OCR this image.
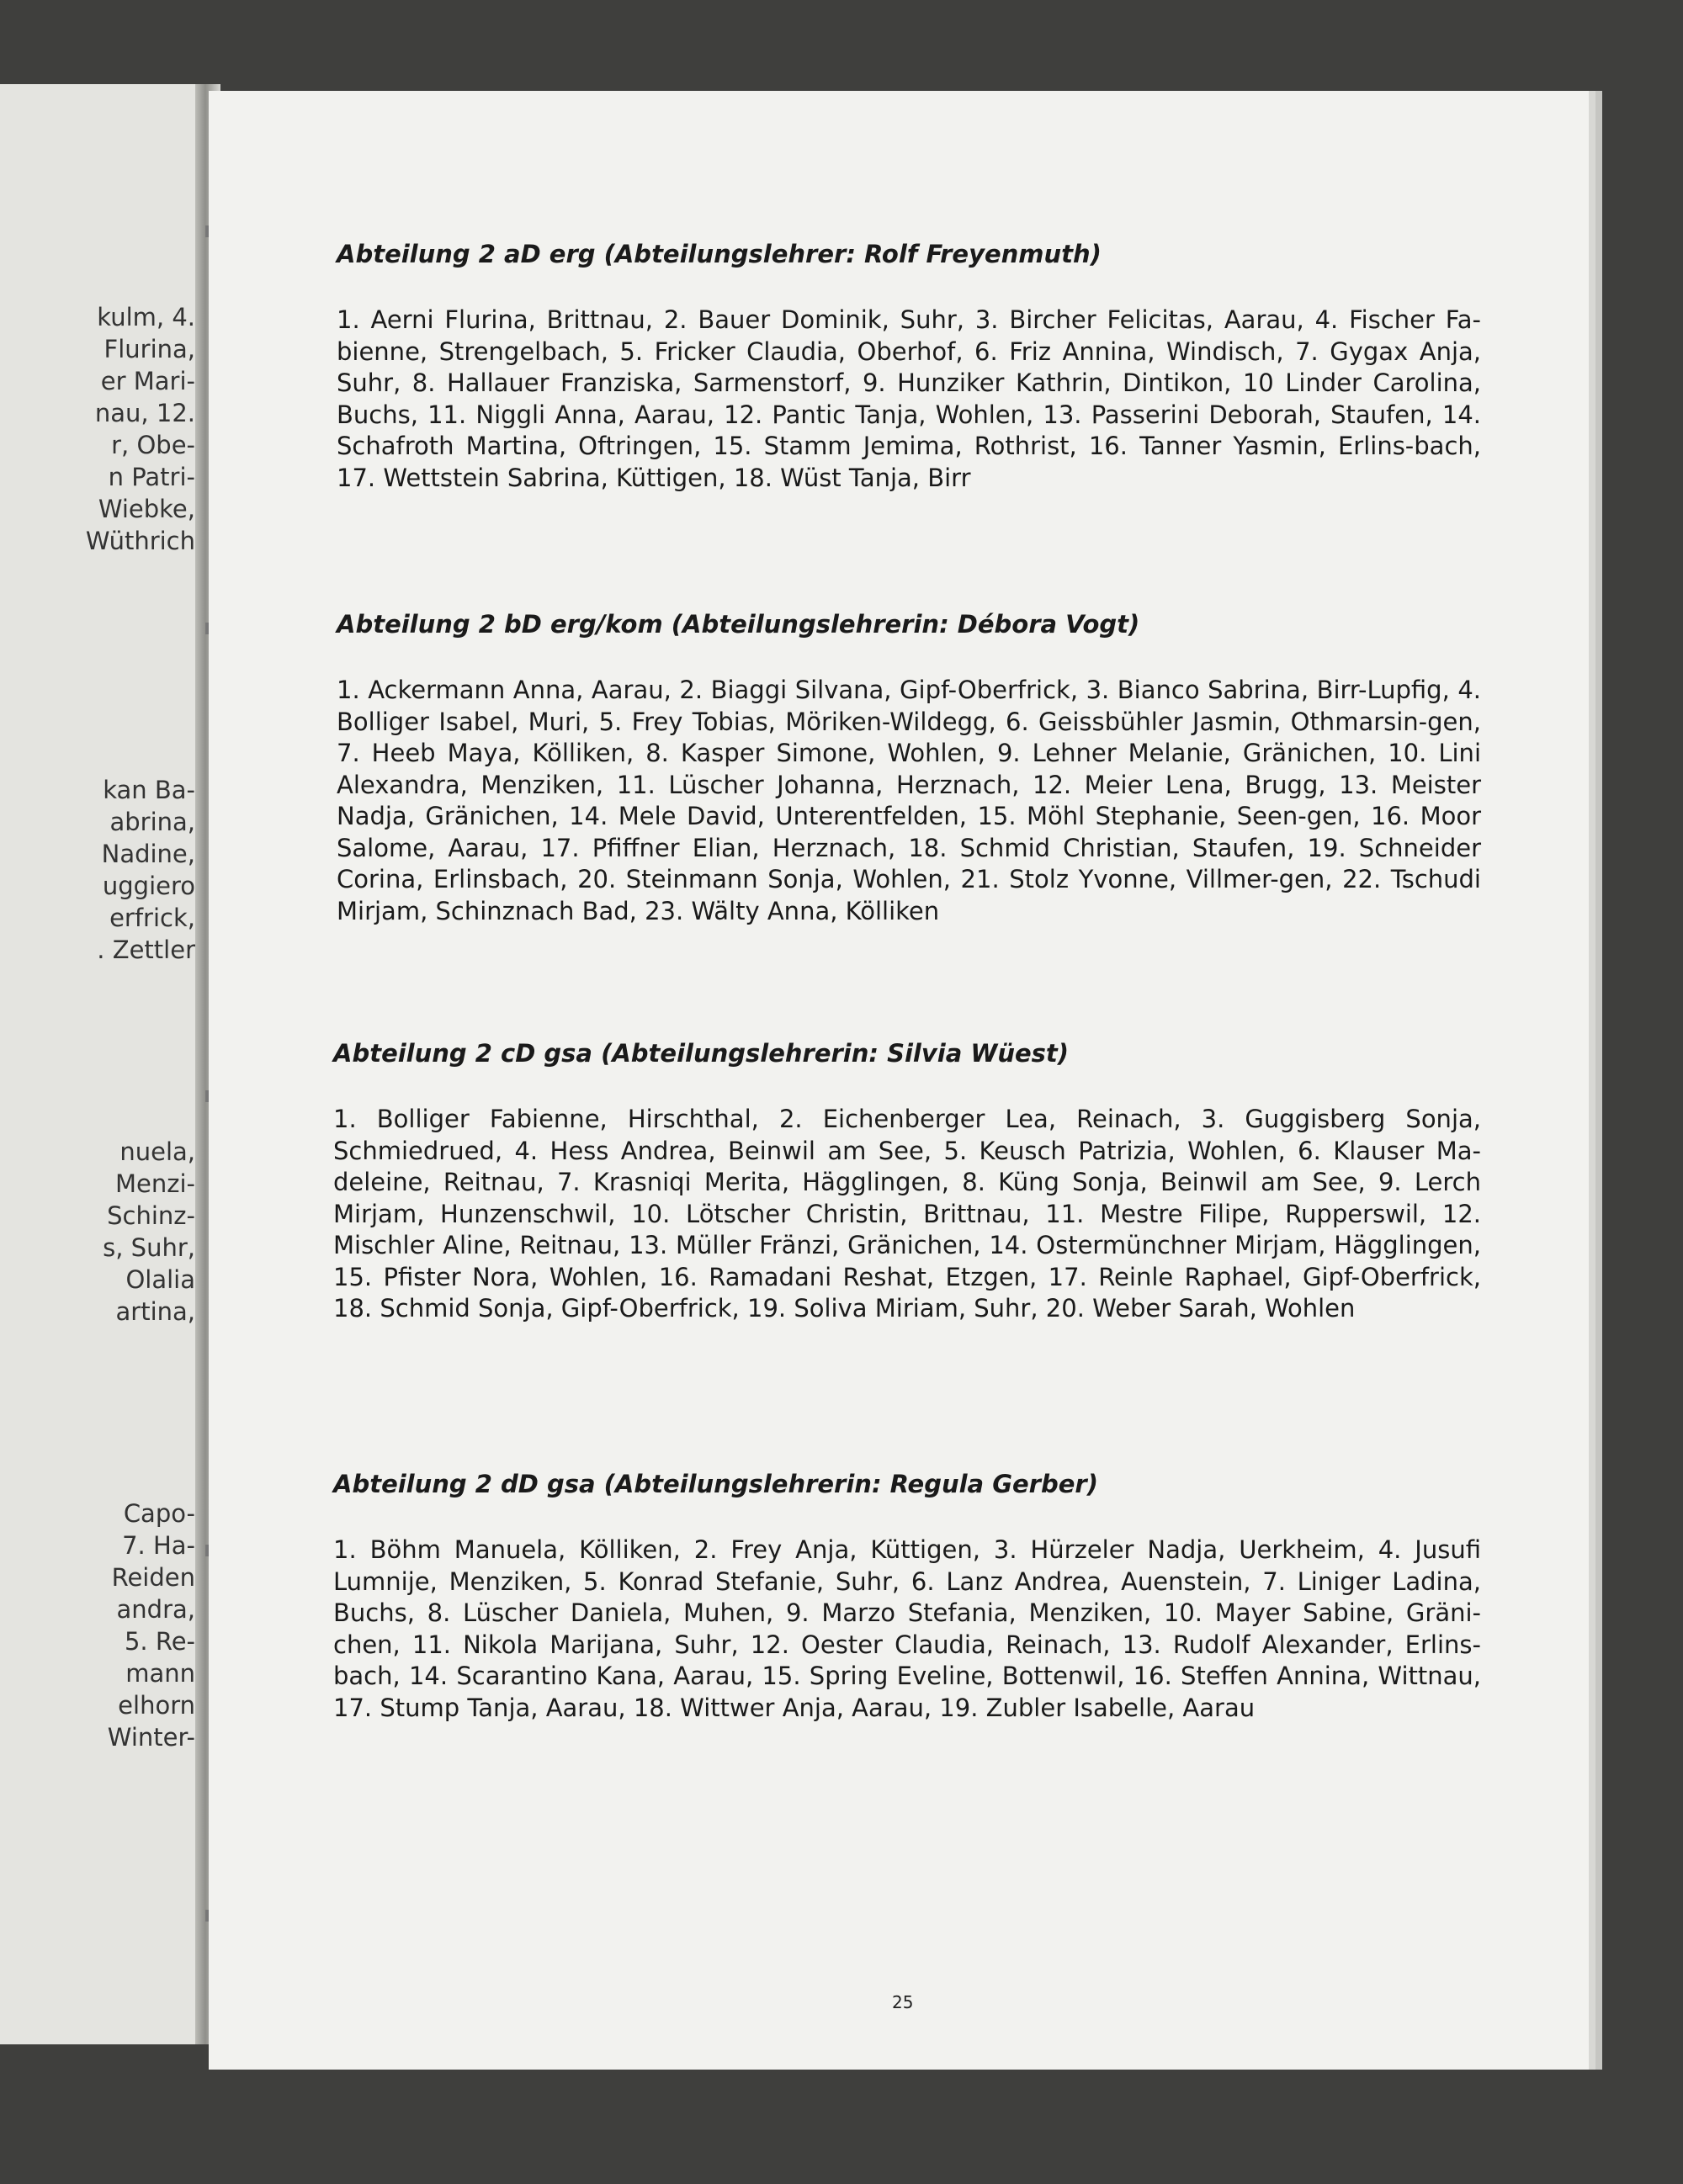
kulm, 4.
Flurina,
er Mari-
nau, 12.
r, Obe-
n Patri-
Wiebke,
Wüthrich
kan Ba-
abrina,
Nadine,
uggiero
erfrick,
. Zettler
nuela,
Menzi-
Schinz-
s, Suhr,
Olalia
artina,
Capo-
7. Ha-
Reiden
andra,
5. Re-
mann
elhorn
Winter-
Abteilung 2 aD erg (Abteilungslehrer: Rolf Freyenmuth)

1. Aerni Flurina, Brittnau, 2. Bauer Dominik, Suhr, 3. Bircher Felicitas, Aarau, 4. Fischer Fa-bienne, Strengelbach, 5. Fricker Claudia, Oberhof, 6. Friz Annina, Windisch, 7. Gygax Anja, Suhr, 8. Hallauer Franziska, Sarmenstorf, 9. Hunziker Kathrin, Dintikon, 10 Linder Carolina, Buchs, 11. Niggli Anna, Aarau, 12. Pantic Tanja, Wohlen, 13. Passerini Deborah, Staufen, 14. Schafroth Martina, Oftringen, 15. Stamm Jemima, Rothrist, 16. Tanner Yasmin, Erlins-bach, 17. Wettstein Sabrina, Küttigen, 18. Wüst Tanja, Birr

Abteilung 2 bD erg/kom (Abteilungslehrerin: Débora Vogt)

1. Ackermann Anna, Aarau, 2. Biaggi Silvana, Gipf-Oberfrick, 3. Bianco Sabrina, Birr-Lupfig, 4. Bolliger Isabel, Muri, 5. Frey Tobias, Möriken-Wildegg, 6. Geissbühler Jasmin, Othmarsin-gen, 7. Heeb Maya, Kölliken, 8. Kasper Simone, Wohlen, 9. Lehner Melanie, Gränichen, 10. Lini Alexandra, Menziken, 11. Lüscher Johanna, Herznach, 12. Meier Lena, Brugg, 13. Meister Nadja, Gränichen, 14. Mele David, Unterentfelden, 15. Möhl Stephanie, Seen-gen, 16. Moor Salome, Aarau, 17. Pfiffner Elian, Herznach, 18. Schmid Christian, Staufen, 19. Schneider Corina, Erlinsbach, 20. Steinmann Sonja, Wohlen, 21. Stolz Yvonne, Villmer-gen, 22. Tschudi Mirjam, Schinznach Bad, 23. Wälty Anna, Kölliken

Abteilung 2 cD gsa (Abteilungslehrerin: Silvia Wüest)

1. Bolliger Fabienne, Hirschthal, 2. Eichenberger Lea, Reinach, 3. Guggisberg Sonja, Schmiedrued, 4. Hess Andrea, Beinwil am See, 5. Keusch Patrizia, Wohlen, 6. Klauser Ma-deleine, Reitnau, 7. Krasniqi Merita, Hägglingen, 8. Küng Sonja, Beinwil am See, 9. Lerch Mirjam, Hunzenschwil, 10. Lötscher Christin, Brittnau, 11. Mestre Filipe, Rupperswil, 12. Mischler Aline, Reitnau, 13. Müller Fränzi, Gränichen, 14. Ostermünchner Mirjam, Hägglingen, 15. Pfister Nora, Wohlen, 16. Ramadani Reshat, Etzgen, 17. Reinle Raphael, Gipf-Oberfrick, 18. Schmid Sonja, Gipf-Oberfrick, 19. Soliva Miriam, Suhr, 20. Weber Sarah, Wohlen

Abteilung 2 dD gsa (Abteilungslehrerin: Regula Gerber)

1. Böhm Manuela, Kölliken, 2. Frey Anja, Küttigen, 3. Hürzeler Nadja, Uerkheim, 4. Jusufi Lumnije, Menziken, 5. Konrad Stefanie, Suhr, 6. Lanz Andrea, Auenstein, 7. Liniger Ladina, Buchs, 8. Lüscher Daniela, Muhen, 9. Marzo Stefania, Menziken, 10. Mayer Sabine, Gräni-chen, 11. Nikola Marijana, Suhr, 12. Oester Claudia, Reinach, 13. Rudolf Alexander, Erlins-bach, 14. Scarantino Kana, Aarau, 15. Spring Eveline, Bottenwil, 16. Steffen Annina, Wittnau, 17. Stump Tanja, Aarau, 18. Wittwer Anja, Aarau, 19. Zubler Isabelle, Aarau

25
